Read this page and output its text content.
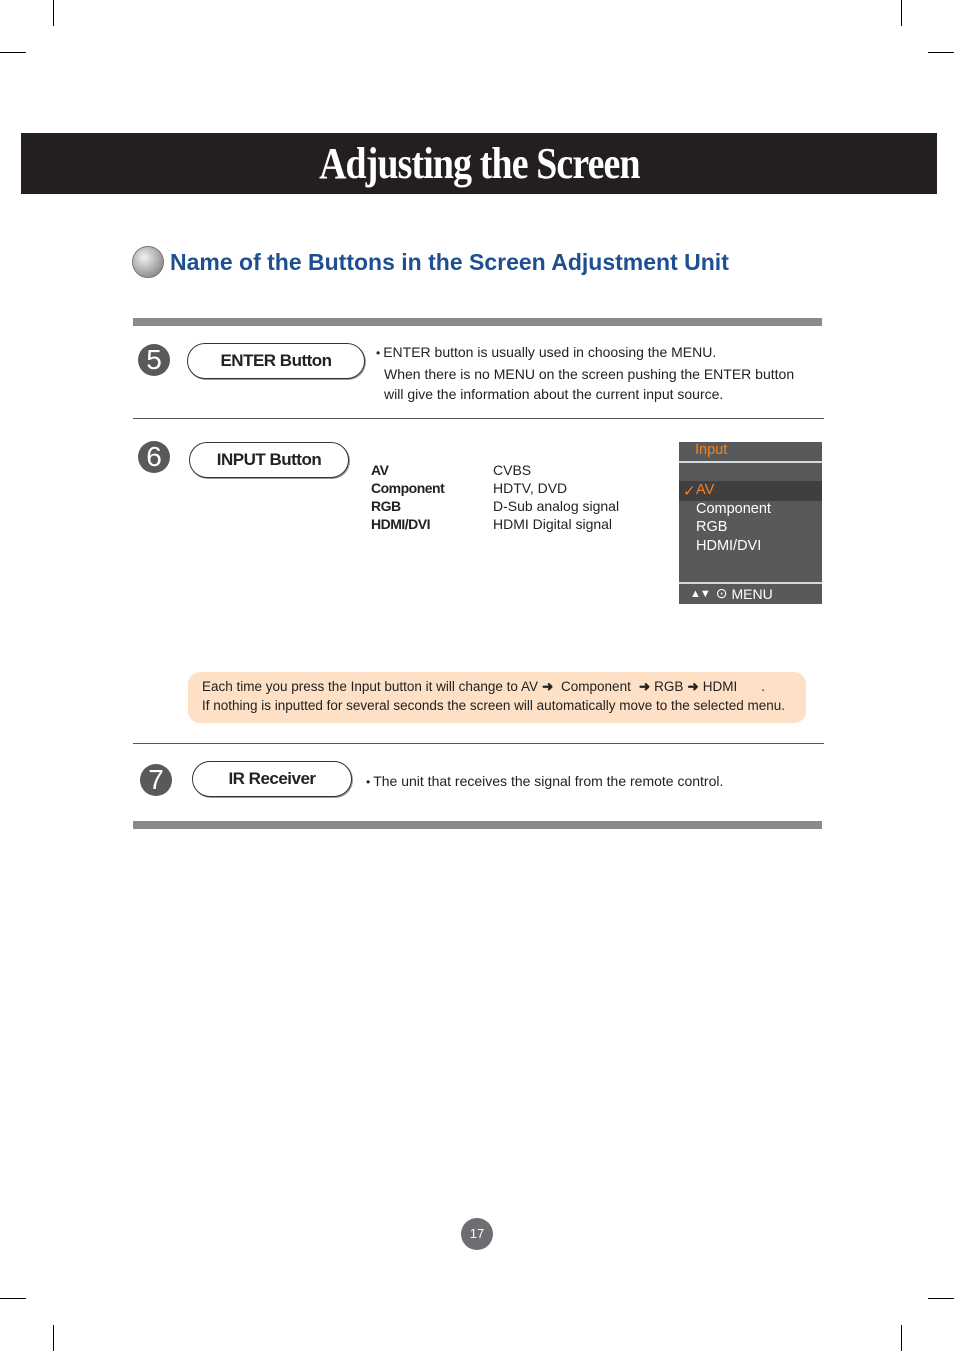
Adjusting the Screen
Name of the Buttons in the Screen Adjustment Unit
5	ENTER Button	• ENTER button is usually used in choosing the MENU.
When there is no MENU on the screen pushing the ENTER button
will give the information about the current input source.
6	INPUT Button
AV	CVBS
Component	HDTV, DVD
RGB	D-Sub analog signal
HDMI/DVI	HDMI Digital signal
Input
✓ AV
Component
RGB
HDMI/DVI
▲▼ ⊙ MENU
Each time you press the Input button it will change to AV ➜ Component ➜ RGB ➜ HDMI .
If nothing is inputted for several seconds the screen will automatically move to the selected menu.
7	IR Receiver	• The unit that receives the signal from the remote control.
17
